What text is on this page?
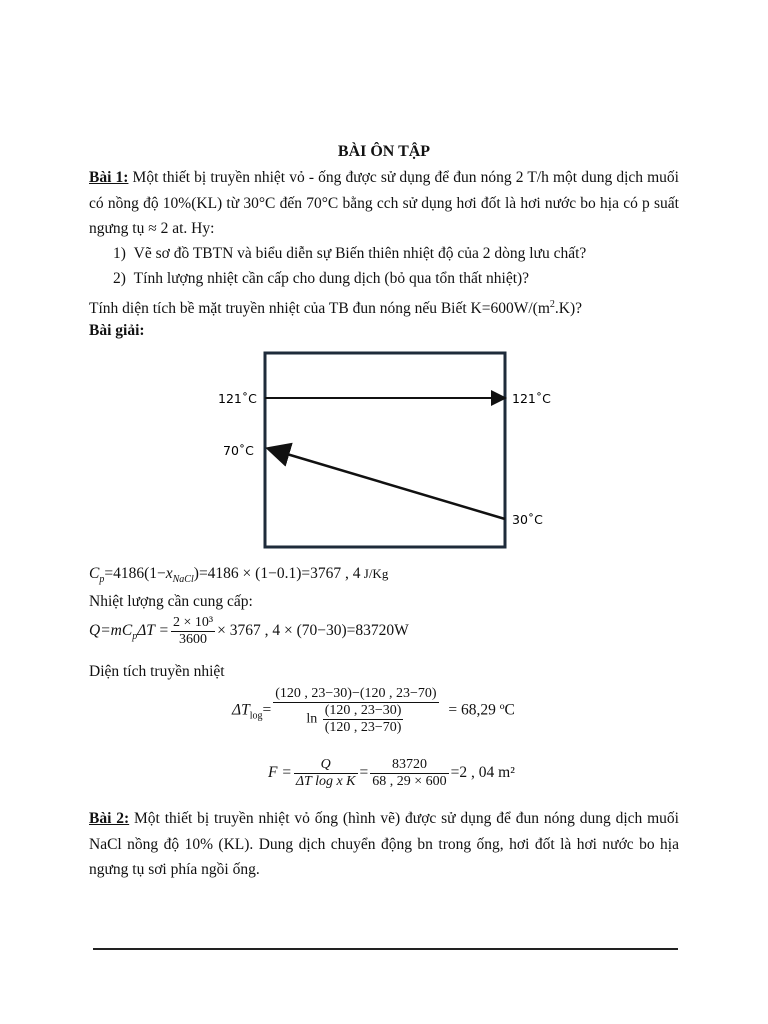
BÀI ÔN TẬP
Bài 1: Một thiết bị truyền nhiệt vỏ - ống được sử dụng để đun nóng 2 T/h một dung dịch muối có nồng độ 10%(KL) từ 30°C đến 70°C bằng cch sử dụng hơi đốt là hơi nước bo hịa có p suất ngưng tụ ≈ 2 at. Hy:
1) Vẽ sơ đồ TBTN và biểu diễn sự Biến thiên nhiệt độ của 2 dòng lưu chất?
2) Tính lượng nhiệt cần cấp cho dung dịch (bỏ qua tổn thất nhiệt)?
Tính diện tích bề mặt truyền nhiệt của TB đun nóng nếu Biết $K=600W/(m^2.K)$?
Bài giải:
121˚C	121˚C
70˚C
30˚C
$C_p=4186(1-x_{NaCl})=4186 \times (1-0.1)=3767$ , 4 J/Kg
Nhiệt lượng cần cung cấp:
$Q=mC_p\Delta T = \frac{\text{2 × 10³}}{3600} \times 3767$ , 4 × (70−30)=83720W
Diện tích truyền nhiệt
$\Delta T_{log}= \frac{(120 , 23-30)-(120 , 23-70)}{\ln \frac{(120 , 23-30)}{(120 , 23-70)}} = 68,29$ ºC
$F = \frac{Q}{\text{ΔT log x K}} = \frac{83720}{68 , 29 \times 600} =2$ , 04 m²
Bài 2: Một thiết bị truyền nhiệt vỏ ống (hình vẽ) được sử dụng để đun nóng dung dịch muối NaCl nồng độ 10% (KL). Dung dịch chuyển động bn trong ống, hơi đốt là hơi nước bo hịa ngưng tụ sơi phía ngồi ống.
